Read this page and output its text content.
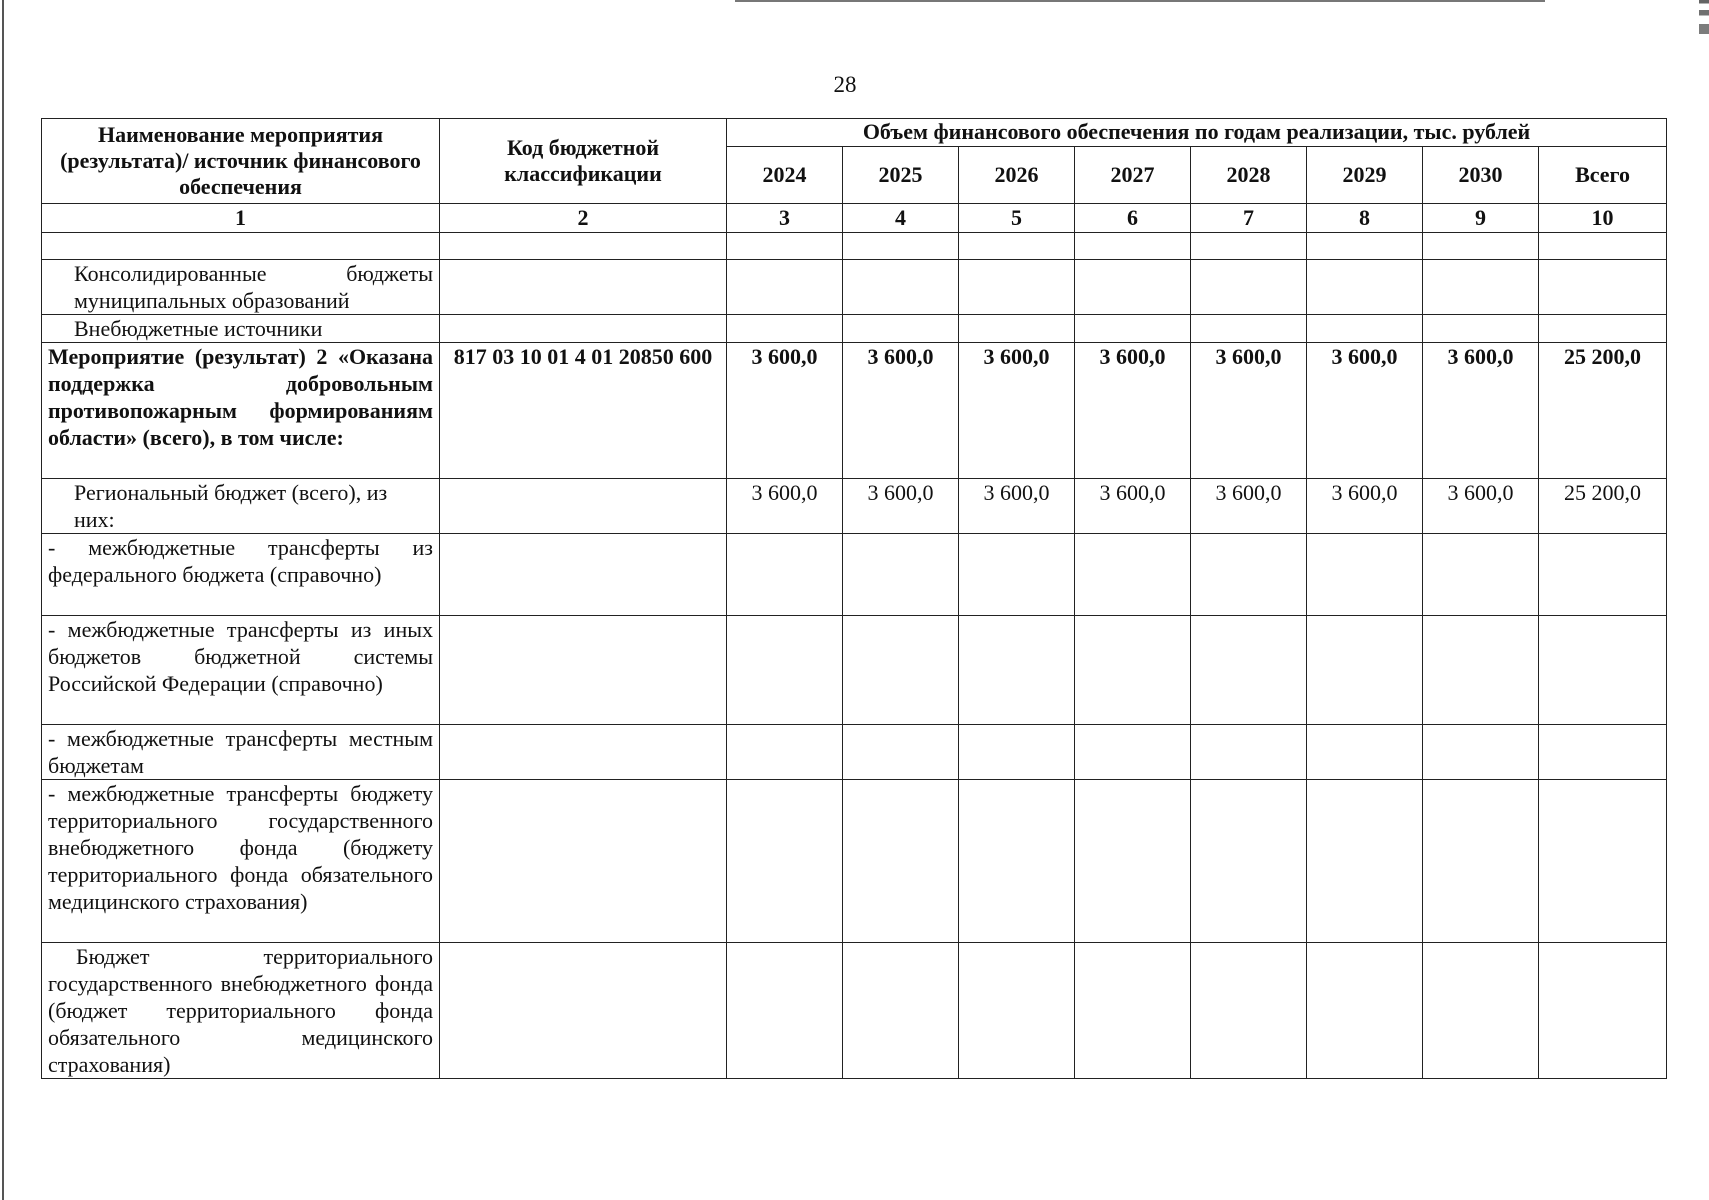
28
Наименование мероприятия (результата)/ источник финансового обеспечения	Код бюджетной классификации	Объем финансового обеспечения по годам реализации, тыс. рублей							
		2024	2025	2026	2027	2028	2029	2030	Всего
1	2	3	4	5	6	7	8	9	10

Консолидированные бюджеты муниципальных образований									
Внебюджетные источники									
Мероприятие (результат) 2 «Оказана поддержка добровольным противопожарным формированиям области» (всего), в том числе:	817 03 10 01 4 01 20850 600	3 600,0	3 600,0	3 600,0	3 600,0	3 600,0	3 600,0	3 600,0	25 200,0
Региональный бюджет (всего), из них:		3 600,0	3 600,0	3 600,0	3 600,0	3 600,0	3 600,0	3 600,0	25 200,0
- межбюджетные трансферты из федерального бюджета (справочно)									
- межбюджетные трансферты из иных бюджетов бюджетной системы Российской Федерации (справочно)									
- межбюджетные трансферты местным бюджетам									
- межбюджетные трансферты бюджету территориального государственного внебюджетного фонда (бюджету территориального фонда обязательного медицинского страхования)									
Бюджет территориального государственного внебюджетного фонда (бюджет территориального фонда обязательного медицинского страхования)									
